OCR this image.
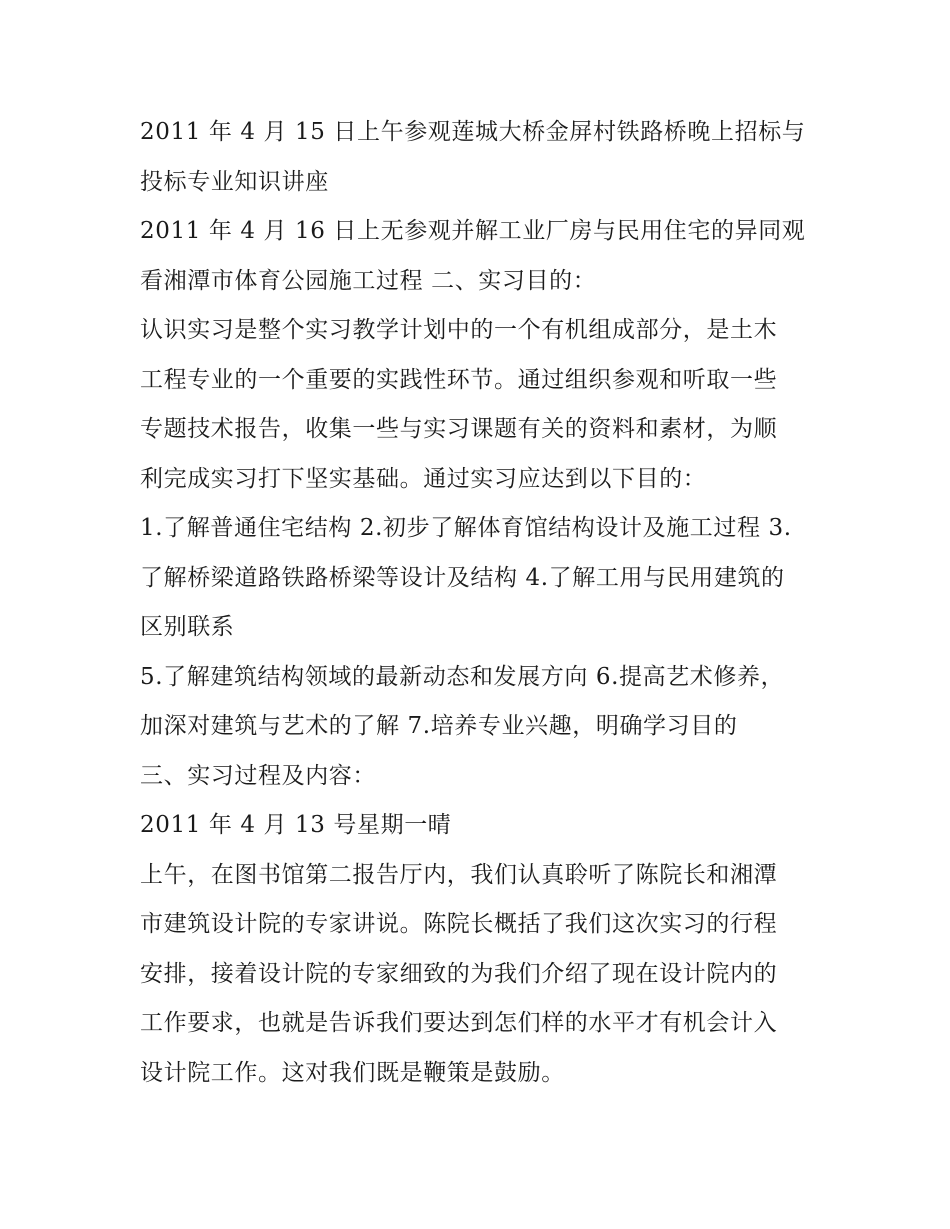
2011 年 4 月 15 日上午参观莲城大桥金屏村铁路桥晚上招标与
投标专业知识讲座
2011 年 4 月 16 日上无参观并解工业厂房与民用住宅的异同观
看湘潭市体育公园施工过程 二、实习目的：
认识实习是整个实习教学计划中的一个有机组成部分，是土木
工程专业的一个重要的实践性环节。通过组织参观和听取一些
专题技术报告，收集一些与实习课题有关的资料和素材，为顺
利完成实习打下坚实基础。通过实习应达到以下目的：
1.了解普通住宅结构 2.初步了解体育馆结构设计及施工过程 3.
了解桥梁道路铁路桥梁等设计及结构 4.了解工用与民用建筑的
区别联系
5.了解建筑结构领域的最新动态和发展方向 6.提高艺术修养，
加深对建筑与艺术的了解 7.培养专业兴趣，明确学习目的
三、实习过程及内容：
2011 年 4 月 13 号星期一晴
上午，在图书馆第二报告厅内，我们认真聆听了陈院长和湘潭
市建筑设计院的专家讲说。陈院长概括了我们这次实习的行程
安排，接着设计院的专家细致的为我们介绍了现在设计院内的
工作要求，也就是告诉我们要达到怎们样的水平才有机会计入
设计院工作。这对我们既是鞭策是鼓励。
